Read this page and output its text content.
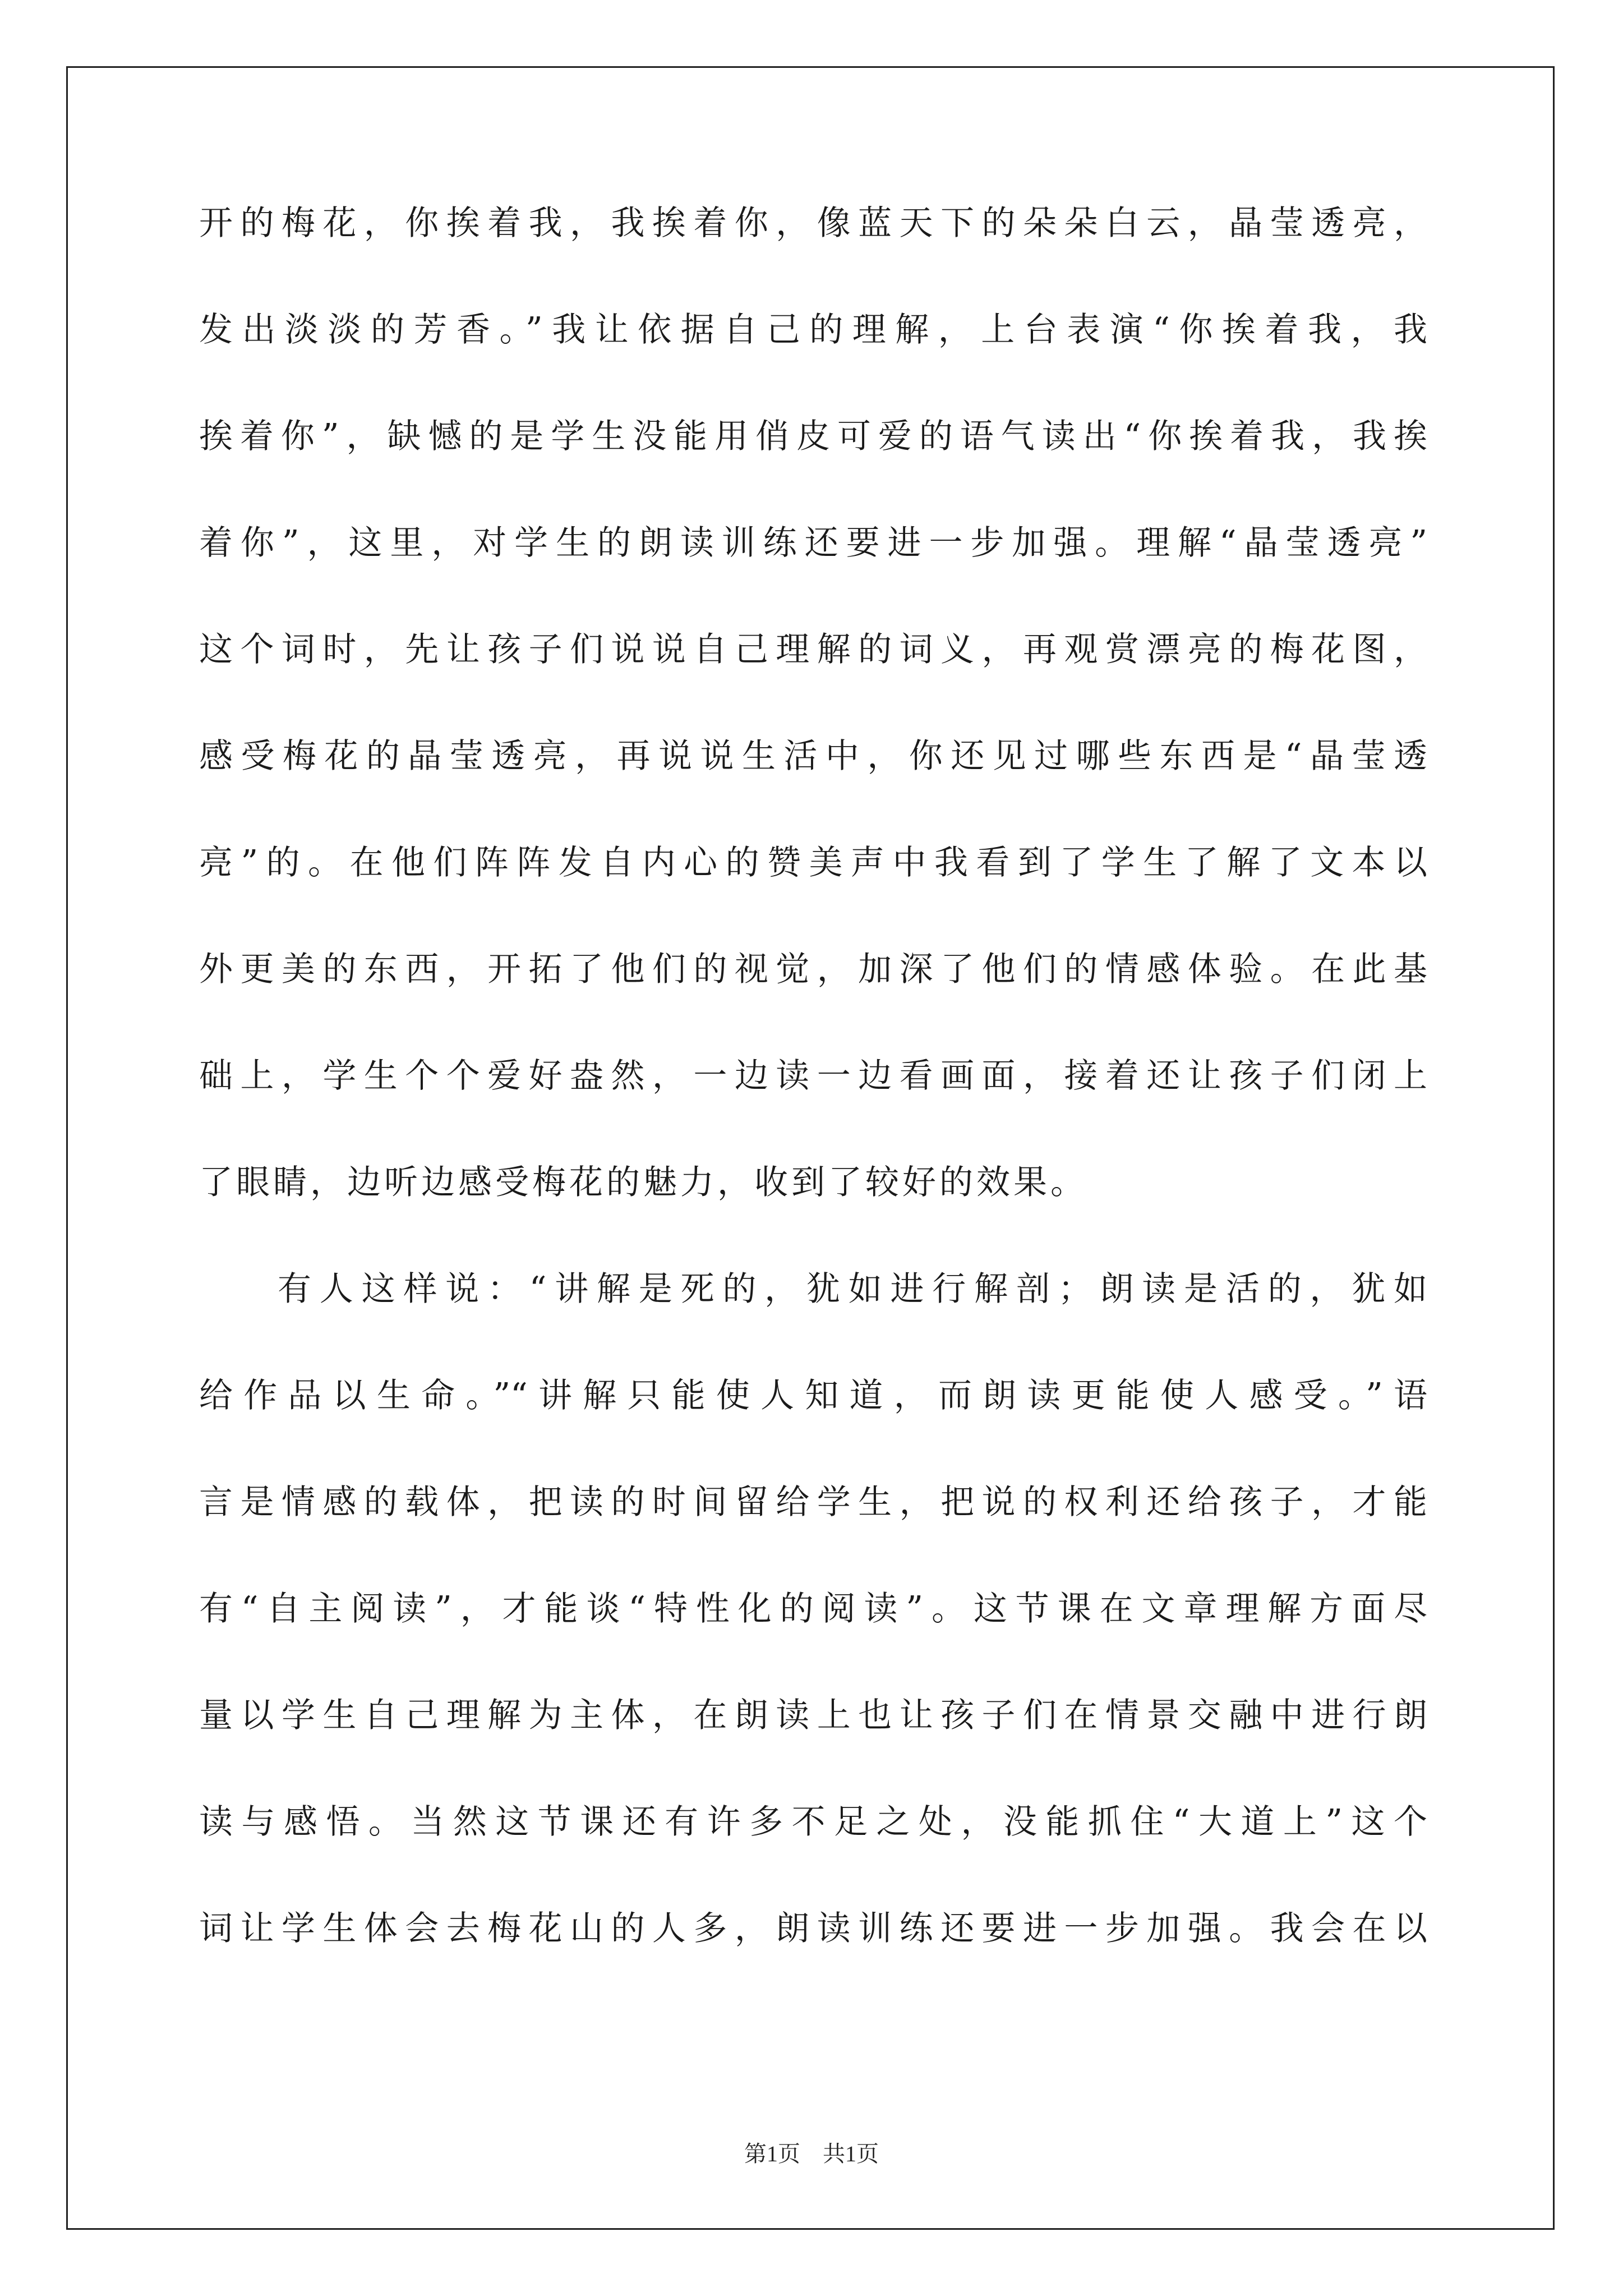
开的梅花，你挨着我，我挨着你，像蓝天下的朵朵白云，晶莹透亮，
发出淡淡的芳香。”我让依据自己的理解，上台表演“你挨着我，我
挨着你”，缺憾的是学生没能用俏皮可爱的语气读出“你挨着我，我挨
着你”，这里，对学生的朗读训练还要进一步加强。理解“晶莹透亮”
这个词时，先让孩子们说说自己理解的词义，再观赏漂亮的梅花图，
感受梅花的晶莹透亮，再说说生活中，你还见过哪些东西是“晶莹透
亮”的。在他们阵阵发自内心的赞美声中我看到了学生了解了文本以
外更美的东西，开拓了他们的视觉，加深了他们的情感体验。在此基
础上，学生个个爱好盎然，一边读一边看画面，接着还让孩子们闭上
了眼睛，边听边感受梅花的魅力，收到了较好的效果。
有人这样说：“讲解是死的，犹如进行解剖；朗读是活的，犹如
给作品以生命。”“讲解只能使人知道，而朗读更能使人感受。”语
言是情感的载体，把读的时间留给学生，把说的权利还给孩子，才能
有“自主阅读”，才能谈“特性化的阅读”。这节课在文章理解方面尽
量以学生自己理解为主体，在朗读上也让孩子们在情景交融中进行朗
读与感悟。当然这节课还有许多不足之处，没能抓住“大道上”这个
词让学生体会去梅花山的人多，朗读训练还要进一步加强。我会在以
第1页 共1页
